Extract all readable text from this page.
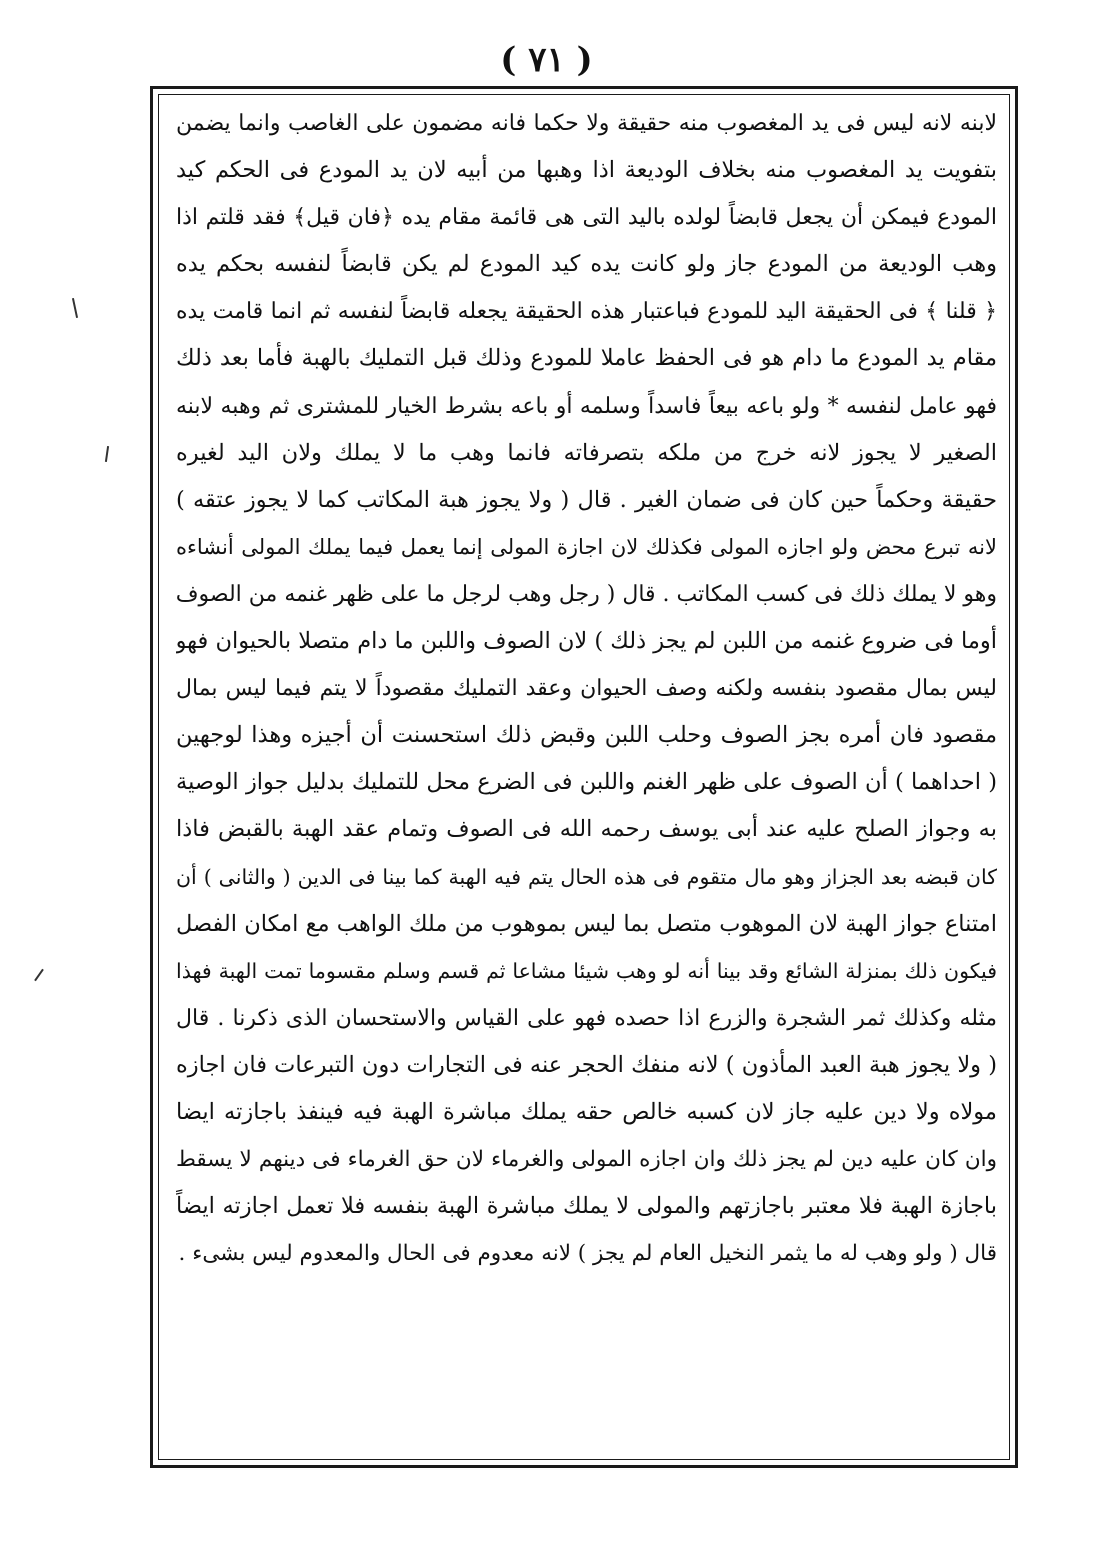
( ٧١ )
لابنه لانه ليس فى يد المغصوب منه حقيقة ولا حكما فانه مضمون على الغاصب وانما يضمن
بتفويت يد المغصوب منه بخلاف الوديعة اذا وهبها من أبيه لان يد المودع فى الحكم كيد
المودع فيمكن أن يجعل قابضاً لولده باليد التى هى قائمة مقام يده ﴿فان قيل﴾ فقد قلتم اذا
وهب الوديعة من المودع جاز ولو كانت يده كيد المودع لم يكن قابضاً لنفسه بحكم يده
﴿ قلنا ﴾ فى الحقيقة اليد للمودع فباعتبار هذه الحقيقة يجعله قابضاً لنفسه ثم انما قامت يده
مقام يد المودع ما دام هو فى الحفظ عاملا للمودع وذلك قبل التمليك بالهبة فأما بعد ذلك
فهو عامل لنفسه * ولو باعه بيعاً فاسداً وسلمه أو باعه بشرط الخيار للمشترى ثم وهبه لابنه
الصغير لا يجوز لانه خرج من ملكه بتصرفاته فانما وهب ما لا يملك ولان اليد لغيره
حقيقة وحكماً حين كان فى ضمان الغير . قال ( ولا يجوز هبة المكاتب كما لا يجوز عتقه )
لانه تبرع محض ولو اجازه المولى فكذلك لان اجازة المولى إنما يعمل فيما يملك المولى أنشاءه
وهو لا يملك ذلك فى كسب المكاتب . قال ( رجل وهب لرجل ما على ظهر غنمه من الصوف
أوما فى ضروع غنمه من اللبن لم يجز ذلك ) لان الصوف واللبن ما دام متصلا بالحيوان فهو
ليس بمال مقصود بنفسه ولكنه وصف الحيوان وعقد التمليك مقصوداً لا يتم فيما ليس بمال
مقصود فان أمره بجز الصوف وحلب اللبن وقبض ذلك استحسنت أن أجيزه وهذا لوجهين
( احداهما ) أن الصوف على ظهر الغنم واللبن فى الضرع محل للتمليك بدليل جواز الوصية
به وجواز الصلح عليه عند أبى يوسف رحمه الله فى الصوف وتمام عقد الهبة بالقبض فاذا
كان قبضه بعد الجزاز وهو مال متقوم فى هذه الحال يتم فيه الهبة كما بينا فى الدين ( والثانى ) أن
امتناع جواز الهبة لان الموهوب متصل بما ليس بموهوب من ملك الواهب مع امكان الفصل
فيكون ذلك بمنزلة الشائع وقد بينا أنه لو وهب شيئا مشاعا ثم قسم وسلم مقسوما تمت الهبة فهذا
مثله وكذلك ثمر الشجرة والزرع اذا حصده فهو على القياس والاستحسان الذى ذكرنا . قال
( ولا يجوز هبة العبد المأذون ) لانه منفك الحجر عنه فى التجارات دون التبرعات فان اجازه
مولاه ولا دين عليه جاز لان كسبه خالص حقه يملك مباشرة الهبة فيه فينفذ باجازته ايضا
وان كان عليه دين لم يجز ذلك وان اجازه المولى والغرماء لان حق الغرماء فى دينهم لا يسقط
باجازة الهبة فلا معتبر باجازتهم والمولى لا يملك مباشرة الهبة بنفسه فلا تعمل اجازته ايضاً
قال ( ولو وهب له ما يثمر النخيل العام لم يجز ) لانه معدوم فى الحال والمعدوم ليس بشىء .
